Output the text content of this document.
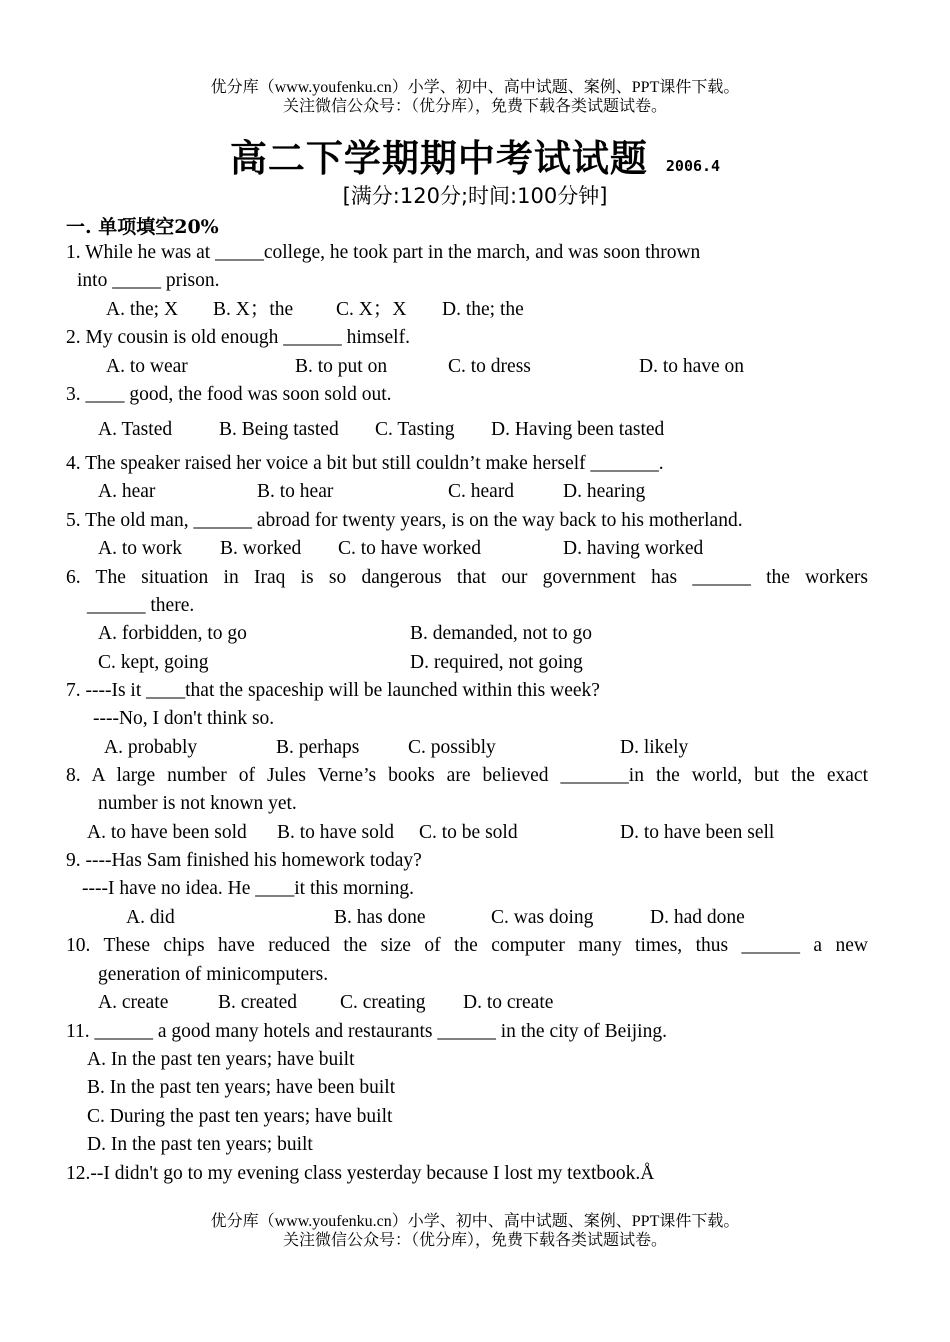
优分库（www.youfenku.cn）小学、初中、高中试题、案例、PPT课件下载。
关注微信公众号：（优分库），免费下载各类试题试卷。
高二下学期期中考试试题 2006.4
[满分:120分;时间:100分钟]
一. 单项填空20%
1. While he was at _____college, he took part in the march, and was soon thrown
into _____ prison.
A. the; X B. X；the C. X；X D. the; the
2. My cousin is old enough ______ himself.
A. to wear	B. to put on	C. to dress	D. to have on
3. ____ good, the food was soon sold out.
A. Tasted B. Being tasted C. Tasting D. Having been tasted
4. The speaker raised her voice a bit but still couldn’t make herself _______.
A. hear	B. to hear	C. heard	D. hearing
5. The old man, ______ abroad for twenty years, is on the way back to his motherland.
A. to work B. worked C. to have worked	D. having worked
6. The situation in Iraq is so dangerous that our government has ______ the workers
______ there.
A. forbidden, to go	B. demanded, not to go
C. kept, going	D. required, not going
7. ----Is it ____that the spaceship will be launched within this week?
----No, I don't think so.
A. probably	B. perhaps C. possibly	D. likely
8. A large number of Jules Verne’s books are believed _______in the world, but the exact
number is not known yet.
A. to have been sold B. to have sold C. to be sold	D. to have been sell
9. ----Has Sam finished his homework today?
----I have no idea. He ____it this morning.
A. did	B. has done	C. was doing	D. had done
10. These chips have reduced the size of the computer many times, thus ______ a new
generation of minicomputers.
A. create	B. created C. creating D. to create
11. ______ a good many hotels and restaurants ______ in the city of Beijing.
A. In the past ten years; have built
B. In the past ten years; have been built
C. During the past ten years; have built
D. In the past ten years; built
12.--I didn't go to my evening class yesterday because I lost my textbook.Å
优分库（www.youfenku.cn）小学、初中、高中试题、案例、PPT课件下载。
关注微信公众号：（优分库），免费下载各类试题试卷。
